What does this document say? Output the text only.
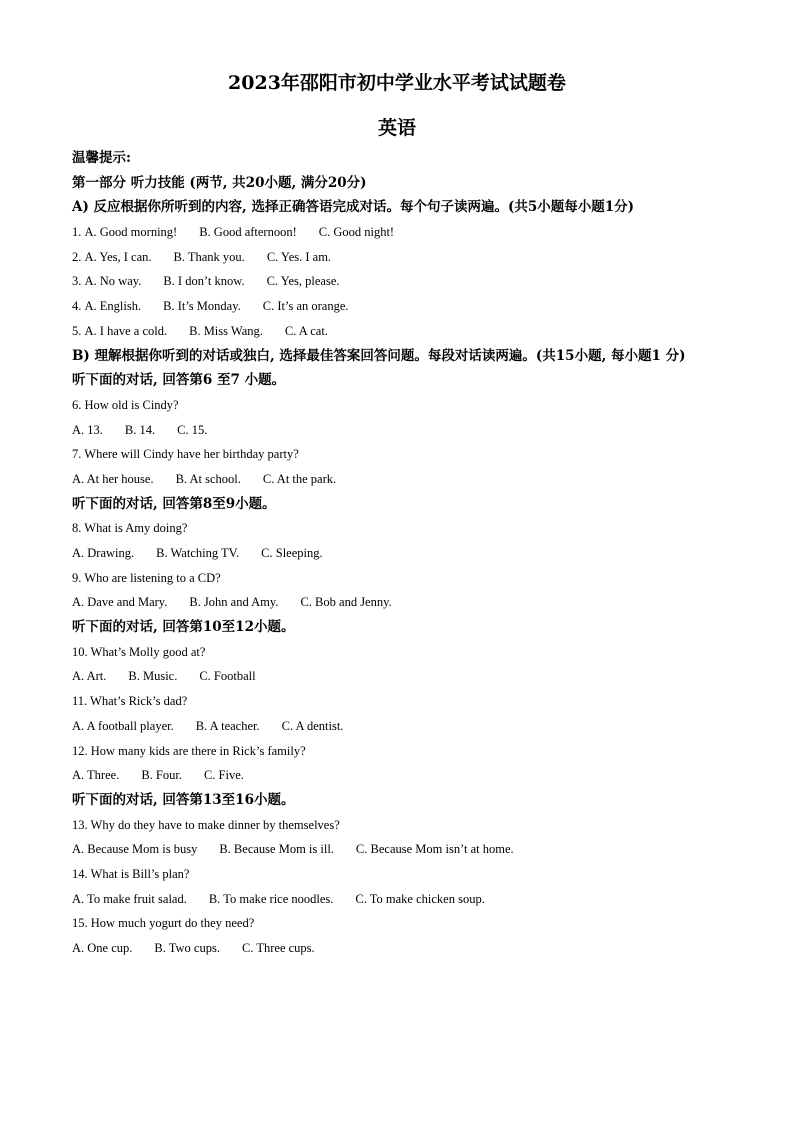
2023年邵阳市初中学业水平考试试题卷
英语
温馨提示:
第一部分 听力技能 (两节, 共20小题, 满分20分)
A) 反应根据你所听到的内容, 选择正确答语完成对话。每个句子读两遍。(共5小题每小题1分)
1. A. Good morning! B. Good afternoon! C. Good night!
2. A. Yes, I can. B. Thank you. C. Yes. I am.
3. A. No way. B. I don’t know. C. Yes, please.
4. A. English. B. It’s Monday. C. It’s an orange.
5. A. I have a cold. B. Miss Wang. C. A cat.
B) 理解根据你听到的对话或独白, 选择最佳答案回答问题。每段对话读两遍。(共15小题, 每小题1 分)
听下面的对话, 回答第6 至7 小题。
6. How old is Cindy?
A. 13. B. 14. C. 15.
7. Where will Cindy have her birthday party?
A. At her house. B. At school. C. At the park.
听下面的对话, 回答第8至9小题。
8. What is Amy doing?
A. Drawing. B. Watching TV. C. Sleeping.
9. Who are listening to a CD?
A. Dave and Mary. B. John and Amy. C. Bob and Jenny.
听下面的对话, 回答第10至12小题。
10. What’s Molly good at?
A. Art. B. Music. C. Football
11. What’s Rick’s dad?
A. A football player. B. A teacher. C. A dentist.
12. How many kids are there in Rick’s family?
A. Three. B. Four. C. Five.
听下面的对话, 回答第13至16小题。
13. Why do they have to make dinner by themselves?
A. Because Mom is busy B. Because Mom is ill. C. Because Mom isn’t at home.
14. What is Bill’s plan?
A. To make fruit salad. B. To make rice noodles. C. To make chicken soup.
15. How much yogurt do they need?
A. One cup. B. Two cups. C. Three cups.
